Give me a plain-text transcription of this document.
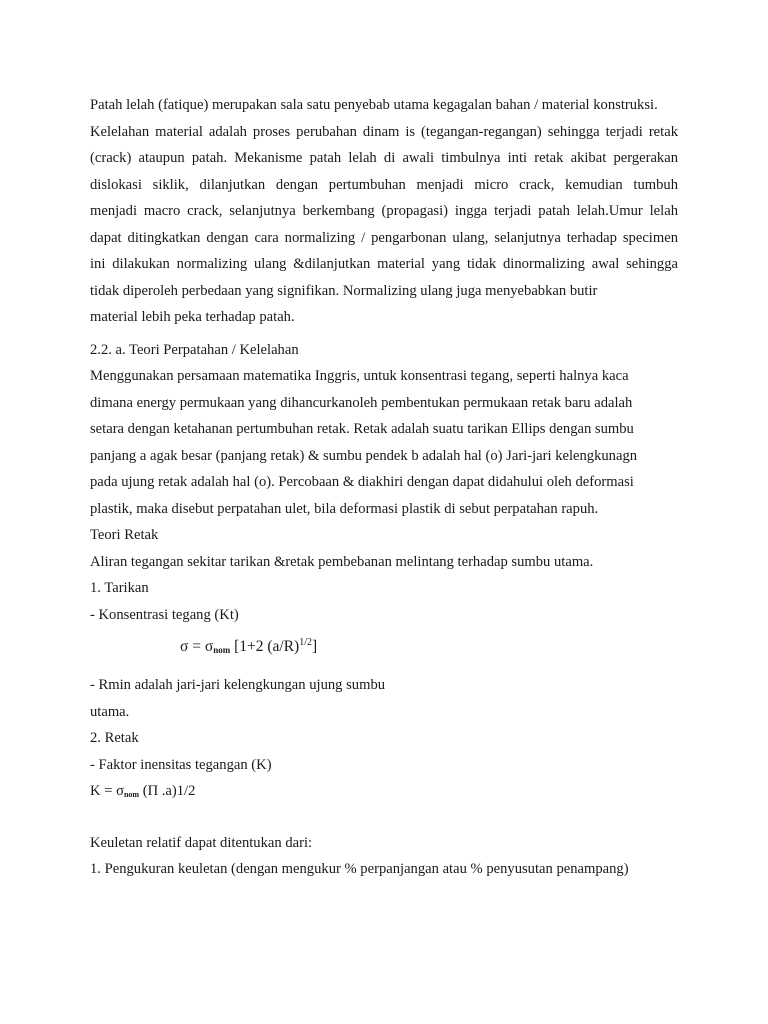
Patah lelah (fatique) merupakan sala satu penyebab utama kegagalan bahan / material konstruksi.
Kelelahan material adalah proses perubahan dinam is (tegangan-regangan) sehingga terjadi retak
(crack) ataupun patah. Mekanisme patah lelah di awali timbulnya inti retak akibat pergerakan
dislokasi siklik, dilanjutkan dengan pertumbuhan menjadi micro crack, kemudian tumbuh
menjadi macro crack, selanjutnya berkembang (propagasi) ingga terjadi patah lelah.Umur lelah
dapat ditingkatkan dengan cara normalizing / pengarbonan ulang, selanjutnya terhadap specimen
ini dilakukan normalizing ulang &dilanjutkan material yang tidak dinormalizing awal sehingga
tidak diperoleh perbedaan yang signifikan. Normalizing ulang juga menyebabkan butir
material lebih peka terhadap patah.
2.2. a. Teori Perpatahan / Kelelahan
Menggunakan persamaan matematika Inggris, untuk konsentrasi tegang, seperti halnya kaca
dimana energy permukaan yang dihancurkanoleh pembentukan permukaan retak baru adalah
setara dengan ketahanan pertumbuhan retak. Retak adalah suatu tarikan Ellips dengan sumbu
panjang a agak besar (panjang retak) & sumbu pendek b adalah hal (o) Jari-jari kelengkunagn
pada ujung retak adalah hal (o). Percobaan & diakhiri dengan dapat didahului oleh deformasi
plastik, maka disebut perpatahan ulet, bila deformasi plastik di sebut perpatahan rapuh.
Teori Retak
Aliran tegangan sekitar tarikan &retak pembebanan melintang terhadap sumbu utama.
1. Tarikan
- Konsentrasi tegang (Kt)
$\sigma = \sigma_{nom}$ [1+2 $(a/R)^{1/2}$]
- Rmin adalah jari-jari kelengkungan ujung sumbu
utama.
2. Retak
- Faktor inensitas tegangan (K)
$K = \sigma_{nom}$ (Π .a)1/2
Keuletan relatif dapat ditentukan dari:
1. Pengukuran keuletan (dengan mengukur % perpanjangan atau % penyusutan penampang)
